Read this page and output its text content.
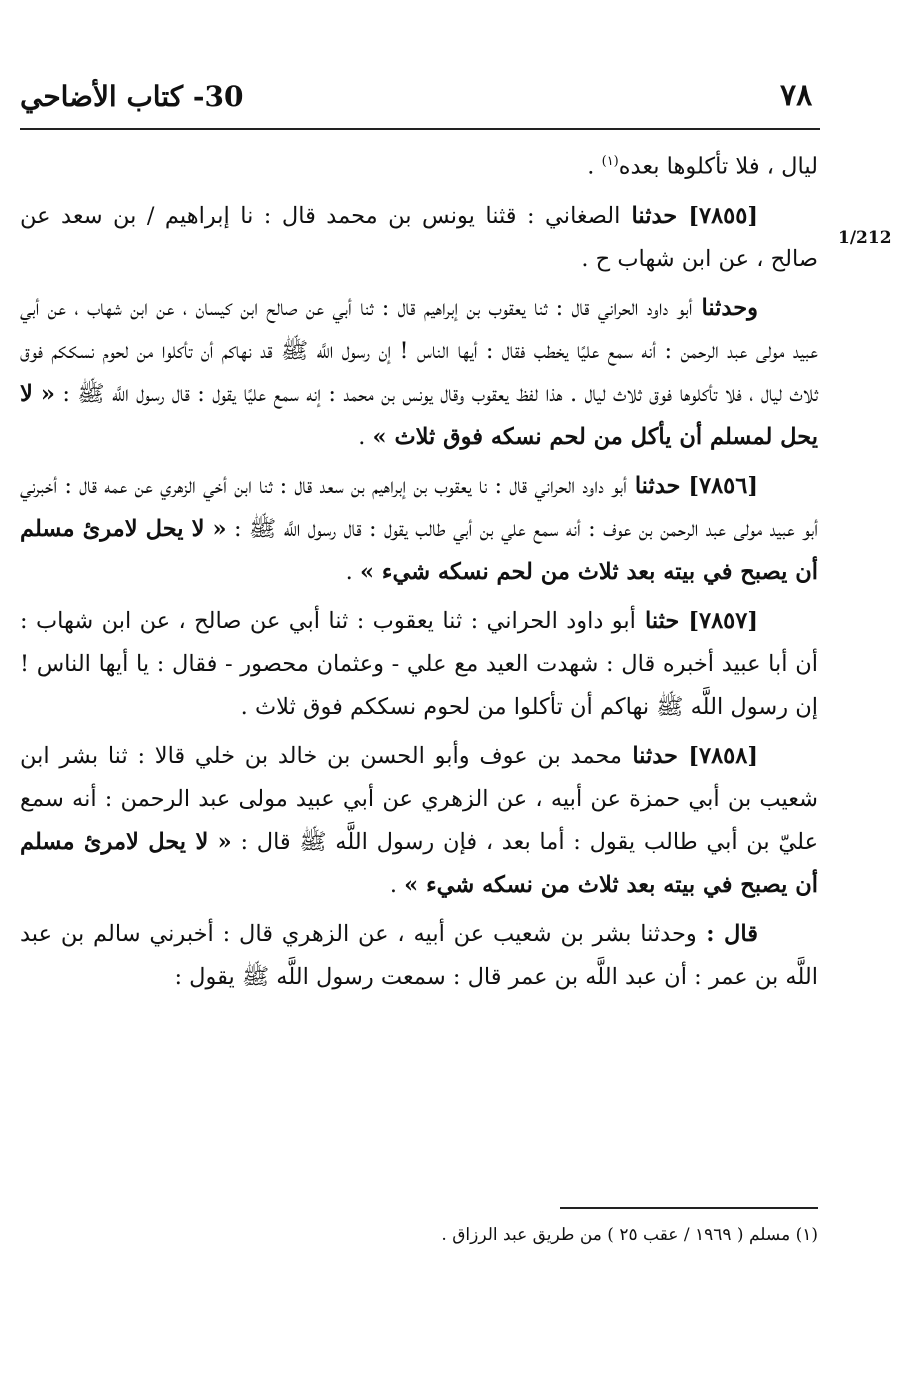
٧٨
30- كتاب الأضاحي
1/212

ليال ، فلا تأكلوها بعده$^{(١)}$ .

[٧٨٥٥] حدثنا الصغاني : قثنا يونس بن محمد قال : نا إبراهيم / بن سعد عن صالح ، عن ابن شهاب ح .

وحدثنا أبو داود الحراني قال : ثنا يعقوب بن إبراهيم قال : ثنا أبي عن صالح ابن كيسان ، عن ابن شهاب ، عن أبي عبيد مولى عبد الرحمن : أنه سمع عليًا يخطب فقال : أيها الناس ! إن رسول اللَّه ﷺ قد نهاكم أن تأكلوا من لحوم نسككم فوق ثلاث ليال ، فلا تأكلوها فوق ثلاث ليال . هذا لفظ يعقوب وقال يونس بن محمد : إنه سمع عليًا يقول : قال رسول اللَّه ﷺ : « لا يحل لمسلم أن يأكل من لحم نسكه فوق ثلاث » .

[٧٨٥٦] حدثنا أبو داود الحراني قال : نا يعقوب بن إبراهيم بن سعد قال : ثنا ابن أخي الزهري عن عمه قال : أخبرني أبو عبيد مولى عبد الرحمن بن عوف : أنه سمع علي بن أبي طالب يقول : قال رسول اللَّه ﷺ : « لا يحل لامرئ مسلم أن يصبح في بيته بعد ثلاث من لحم نسكه شيء » .

[٧٨٥٧] حثنا أبو داود الحراني : ثنا يعقوب : ثنا أبي عن صالح ، عن ابن شهاب : أن أبا عبيد أخبره قال : شهدت العيد مع علي - وعثمان محصور - فقال : يا أيها الناس ! إن رسول اللَّه ﷺ نهاكم أن تأكلوا من لحوم نسككم فوق ثلاث .

[٧٨٥٨] حدثنا محمد بن عوف وأبو الحسن بن خالد بن خلي قالا : ثنا بشر ابن شعيب بن أبي حمزة عن أبيه ، عن الزهري عن أبي عبيد مولى عبد الرحمن : أنه سمع عليّ بن أبي طالب يقول : أما بعد ، فإن رسول اللَّه ﷺ قال : « لا يحل لامرئ مسلم أن يصبح في بيته بعد ثلاث من نسكه شيء » .

قال : وحدثنا بشر بن شعيب عن أبيه ، عن الزهري قال : أخبرني سالم بن عبد اللَّه بن عمر : أن عبد اللَّه بن عمر قال : سمعت رسول اللَّه ﷺ يقول :

(١) مسلم ( ١٩٦٩ / عقب ٢٥ ) من طريق عبد الرزاق .
